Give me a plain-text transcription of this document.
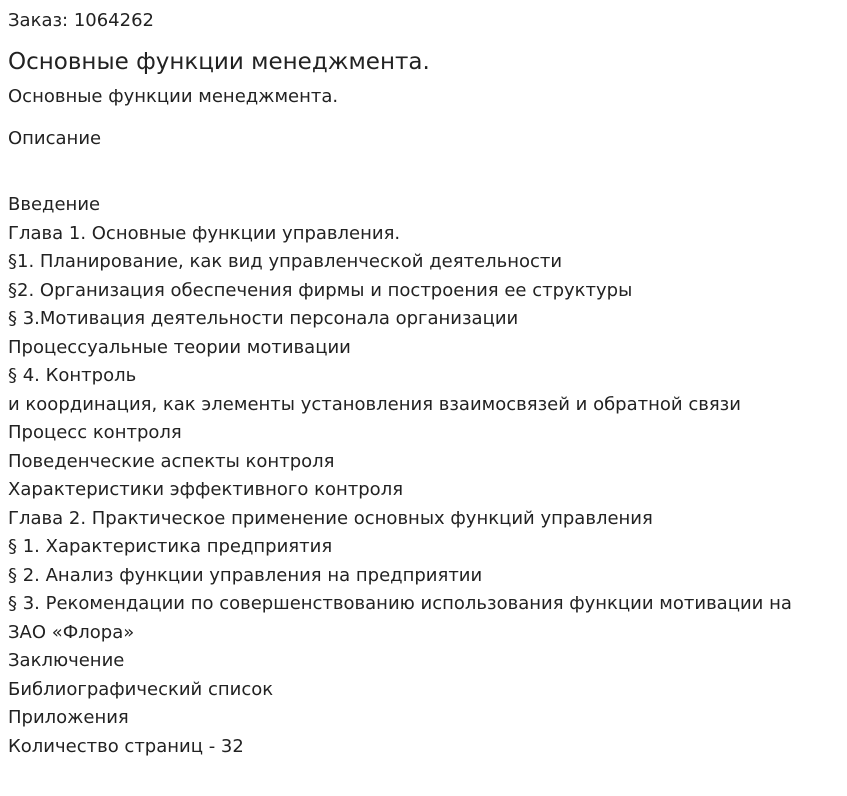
Заказ: 1064262

Основные функции менеджмента.

Основные функции менеджмента.

Описание

Введение
Глава 1. Основные функции управления.
§1. Планирование, как вид управленческой деятельности
§2. Организация обеспечения фирмы и построения ее структуры
§ 3.Мотивация деятельности персонала организации
Процессуальные теории мотивации
§ 4. Контроль
и координация, как элементы установления взаимосвязей и обратной связи
Процесс контроля
Поведенческие аспекты контроля
Характеристики эффективного контроля
Глава 2. Практическое применение основных функций управления
§ 1. Характеристика предприятия
§ 2. Анализ функции управления на предприятии
§ 3. Рекомендации по совершенствованию использования функции мотивации на
ЗАО «Флора»
Заключение
Библиографический список
Приложения

Количество страниц - 32
